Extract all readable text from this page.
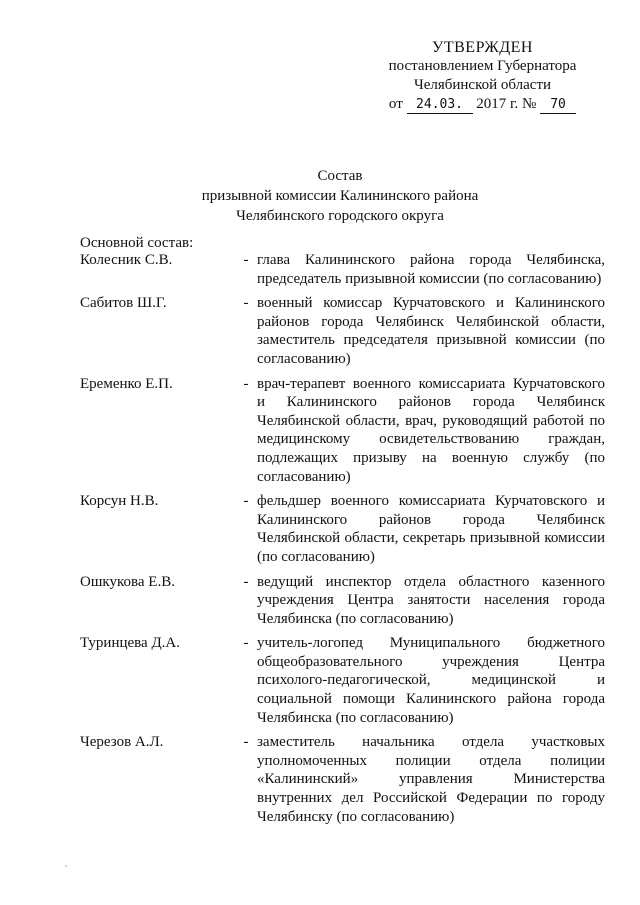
УТВЕРЖДЕН
постановлением Губернатора
Челябинской области
от 24.03. 2017 г. № 70
Состав
призывной комиссии Калининского района
Челябинского городского округа
Основной состав:
Колесник С.В.	- глава Калининского района города Челябинска, председатель призывной комиссии (по согласованию)
Сабитов Ш.Г.	- военный комиссар Курчатовского и Калининского районов города Челябинск Челябинской области, заместитель председателя призывной комиссии (по согласованию)
Еременко Е.П.	- врач-терапевт военного комиссариата Курчатовского и Калининского районов города Челябинск Челябинской области, врач, руководящий работой по медицинскому освидетельствованию граждан, подлежащих призыву на военную службу (по согласованию)
Корсун Н.В.	- фельдшер военного комиссариата Курчатовского и Калининского районов города Челябинск Челябинской области, секретарь призывной комиссии (по согласованию)
Ошкукова Е.В.	- ведущий инспектор отдела областного казенного учреждения Центра занятости населения города Челябинска (по согласованию)
Туринцева Д.А.	- учитель-логопед Муниципального бюджетного общеобразовательного учреждения Центра психолого-педагогической, медицинской и социальной помощи Калининского района города Челябинска (по согласованию)
Черезов А.Л.	- заместитель начальника отдела участковых уполномоченных полиции отдела полиции «Калининский» управления Министерства внутренних дел Российской Федерации по городу Челябинску (по согласованию)
